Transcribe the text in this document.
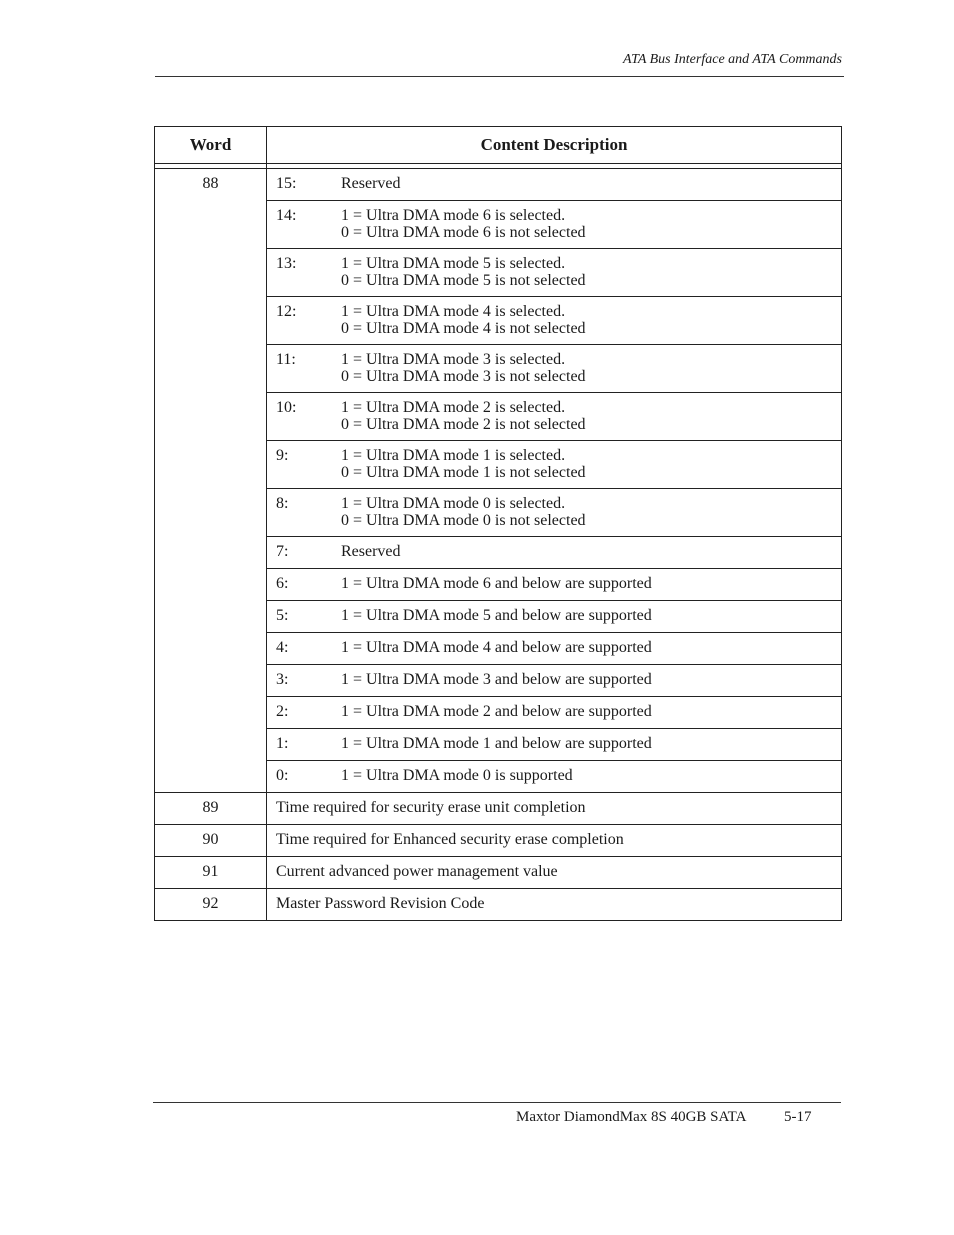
ATA Bus Interface and ATA Commands
Word	Content Description

88	15: Reserved

	14: 1 = Ultra DMA mode 6 is selected.
0 = Ultra DMA mode 6 is not selected

	13: 1 = Ultra DMA mode 5 is selected.
0 = Ultra DMA mode 5 is not selected

	12: 1 = Ultra DMA mode 4 is selected.
0 = Ultra DMA mode 4 is not selected

	11: 1 = Ultra DMA mode 3 is selected.
0 = Ultra DMA mode 3 is not selected

	10: 1 = Ultra DMA mode 2 is selected.
0 = Ultra DMA mode 2 is not selected

	9: 1 = Ultra DMA mode 1 is selected.
0 = Ultra DMA mode 1 is not selected

	8: 1 = Ultra DMA mode 0 is selected.
0 = Ultra DMA mode 0 is not selected

	7: Reserved

	6: 1 = Ultra DMA mode 6 and below are supported

	5: 1 = Ultra DMA mode 5 and below are supported

	4: 1 = Ultra DMA mode 4 and below are supported

	3: 1 = Ultra DMA mode 3 and below are supported

	2: 1 = Ultra DMA mode 2 and below are supported

	1: 1 = Ultra DMA mode 1 and below are supported

	0: 1 = Ultra DMA mode 0 is supported

89	Time required for security erase unit completion
90	Time required for Enhanced security erase completion
91	Current advanced power management value
92	Master Password Revision Code
Maxtor DiamondMax 8S 40GB SATA	5-17
